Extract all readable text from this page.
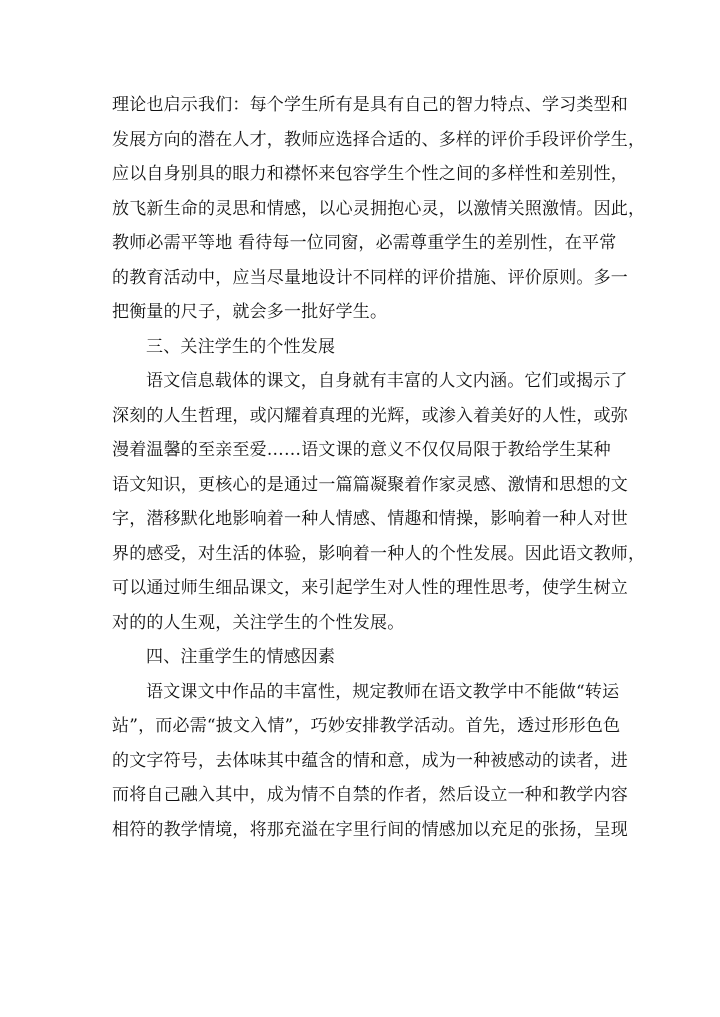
理论也启示我们：每个学生所有是具有自己的智力特点、学习类型和
发展方向的潜在人才，教师应选择合适的、多样的评价手段评价学生，
应以自身别具的眼力和襟怀来包容学生个性之间的多样性和差别性，
放飞新生命的灵思和情感，以心灵拥抱心灵，以激情关照激情。因此，
教师必需平等地 看待每一位同窗，必需尊重学生的差别性，在平常
的教育活动中，应当尽量地设计不同样的评价措施、评价原则。多一
把衡量的尺子，就会多一批好学生。
三、关注学生的个性发展
语文信息载体的课文，自身就有丰富的人文内涵。它们或揭示了
深刻的人生哲理，或闪耀着真理的光辉，或渗入着美好的人性，或弥
漫着温馨的至亲至爱……语文课的意义不仅仅局限于教给学生某种
语文知识，更核心的是通过一篇篇凝聚着作家灵感、激情和思想的文
字，潜移默化地影响着一种人情感、情趣和情操，影响着一种人对世
界的感受，对生活的体验，影响着一种人的个性发展。因此语文教师，
可以通过师生细品课文，来引起学生对人性的理性思考，使学生树立
对的的人生观，关注学生的个性发展。
四、注重学生的情感因素
语文课文中作品的丰富性，规定教师在语文教学中不能做“转运
站”，而必需“披文入情”，巧妙安排教学活动。首先，透过形形色色
的文字符号，去体味其中蕴含的情和意，成为一种被感动的读者，进
而将自己融入其中，成为情不自禁的作者，然后设立一种和教学内容
相符的教学情境，将那充溢在字里行间的情感加以充足的张扬，呈现
